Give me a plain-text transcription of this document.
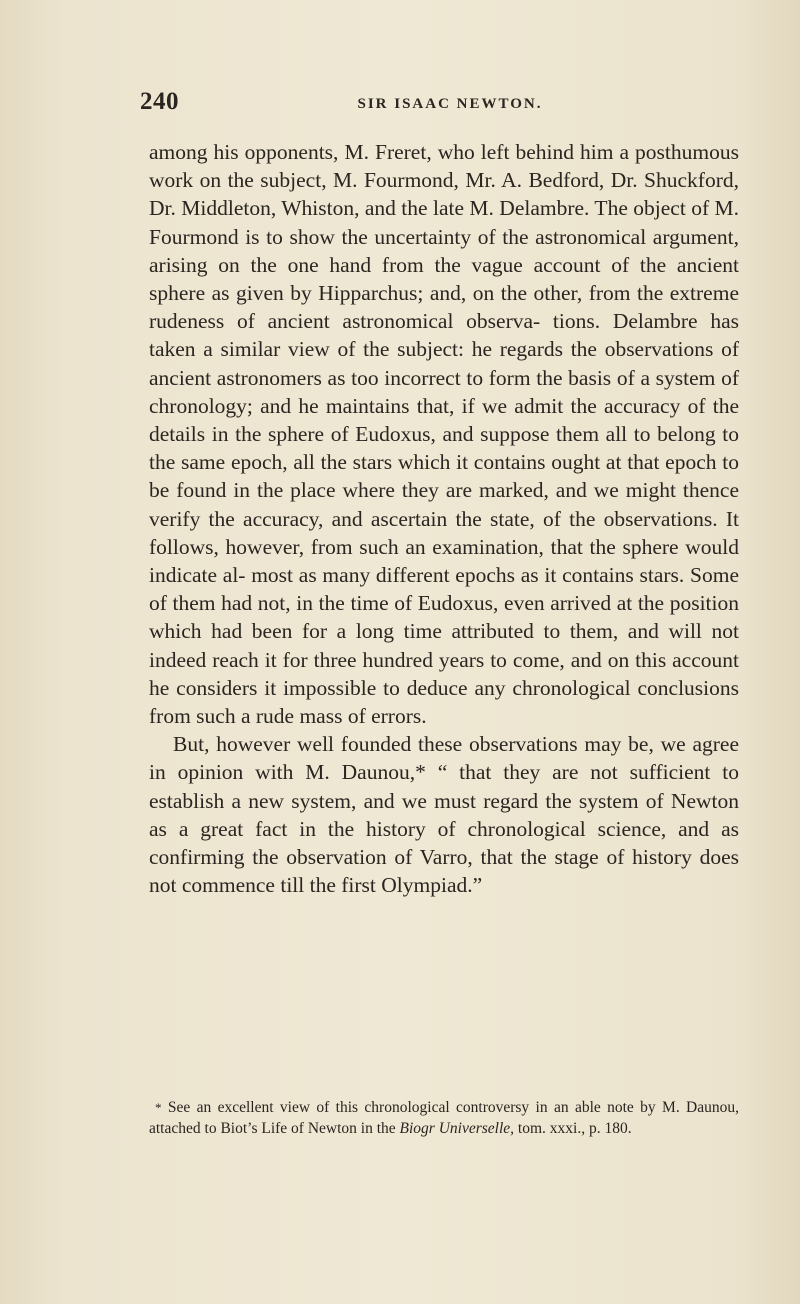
240	SIR ISAAC NEWTON.

among his opponents, M. Freret, who left behind him a posthumous work on the subject, M. Fourmond, Mr. A. Bedford, Dr. Shuckford, Dr. Middleton, Whiston, and the late M. Delambre. The object of M. Fourmond is to show the uncertainty of the astronomical argument, arising on the one hand from the vague account of the ancient sphere as given by Hipparchus; and, on the other, from the extreme rudeness of ancient astronomical observa- tions. Delambre has taken a similar view of the subject: he regards the observations of ancient astronomers as too incorrect to form the basis of a system of chronology; and he maintains that, if we admit the accuracy of the details in the sphere of Eudoxus, and suppose them all to belong to the same epoch, all the stars which it contains ought at that epoch to be found in the place where they are marked, and we might thence verify the accuracy, and ascertain the state, of the observations. It follows, however, from such an examination, that the sphere would indicate al- most as many different epochs as it contains stars. Some of them had not, in the time of Eudoxus, even arrived at the position which had been for a long time attributed to them, and will not indeed reach it for three hundred years to come, and on this account he considers it impossible to deduce any chronological conclusions from such a rude mass of errors.

But, however well founded these observations may be, we agree in opinion with M. Daunou,* “ that they are not sufficient to establish a new system, and we must regard the system of Newton as a great fact in the history of chronological science, and as confirming the observation of Varro, that the stage of history does not commence till the first Olympiad.”

* See an excellent view of this chronological controversy in an able note by M. Daunou, attached to Biot’s Life of Newton in the Biogr Universelle, tom. xxxi., p. 180.
